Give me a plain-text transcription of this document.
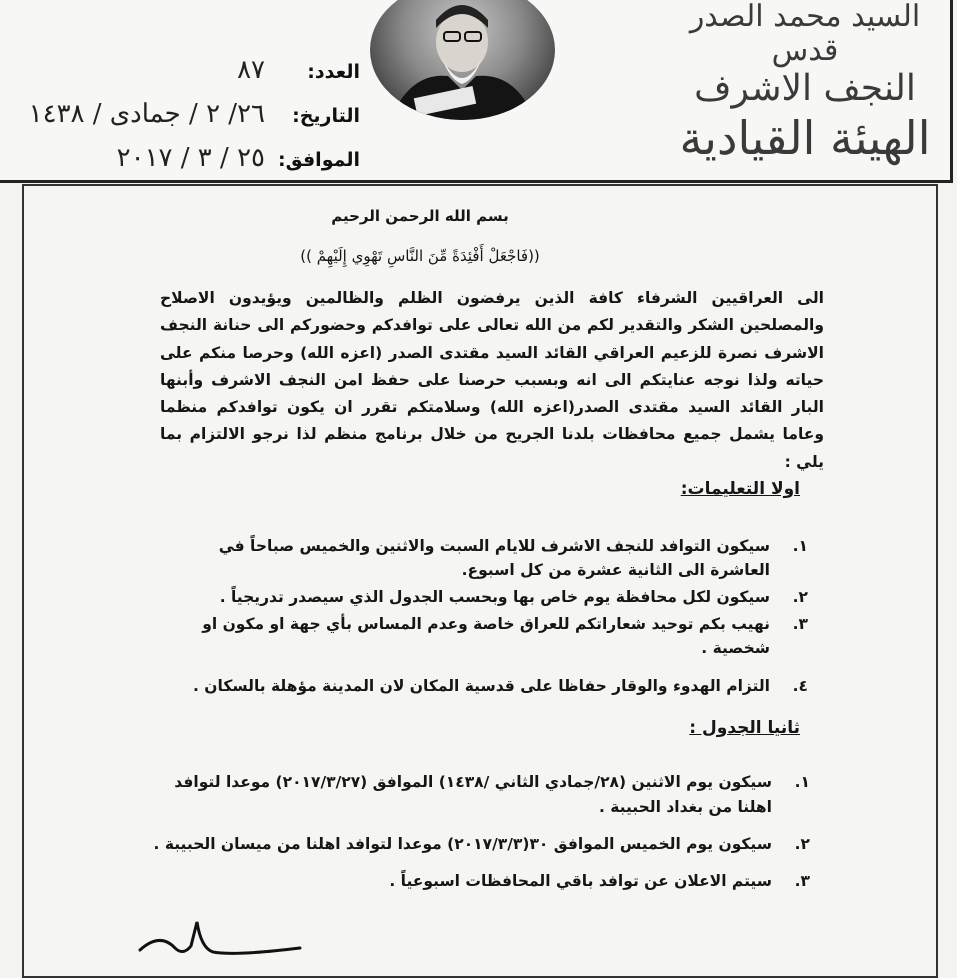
السيد محمد الصدر قدس
النجف الاشرف
الهيئة القيادية
العدد:
٨٧
التاريخ:
٢٦/ ٢ / جمادى / ١٤٣٨
الموافق:
٢٥ / ٣ / ٢٠١٧
بسم الله الرحمن الرحيم
((فَاجْعَلْ أَفْئِدَةً مِّنَ النَّاسِ تَهْوِي إِلَيْهِمْ ))
الى العراقيين الشرفاء كافة الذين يرفضون الظلم والظالمين ويؤيدون الاصلاح والمصلحين الشكر والتقدير لكم من الله تعالى على توافدكم وحضوركم الى حنانة النجف الاشرف نصرة للزعيم العراقي القائد السيد مقتدى الصدر (اعزه الله) وحرصا منكم على حياته ولذا نوجه عنايتكم الى انه وبسبب حرصنا على حفظ امن النجف الاشرف وأبنها البار القائد السيد مقتدى الصدر(اعزه الله) وسلامتكم تقرر ان يكون توافدكم منظما وعاما يشمل جميع محافظات بلدنا الجريح من خلال برنامج منظم لذا نرجو الالتزام بما يلي :
اولا التعليمات:
١.
سيكون التوافد للنجف الاشرف للايام السبت والاثنين والخميس صباحاً في العاشرة الى الثانية عشرة من كل اسبوع.
٢.
سيكون لكل محافظة يوم خاص بها وبحسب الجدول الذي سيصدر تدريجياً .
٣.
نهيب بكم توحيد شعاراتكم للعراق خاصة وعدم المساس بأي جهة او مكون او شخصية .
٤.
التزام الهدوء والوقار حفاظا على قدسية المكان لان المدينة مؤهلة بالسكان .
ثانيا الجدول :
١.
سيكون يوم الاثنين (٢٨/جمادي الثاني /١٤٣٨) الموافق (٢٠١٧/٣/٢٧) موعدا لتوافد اهلنا من بغداد الحبيبة .
٢.
سيكون يوم الخميس الموافق ٣٠(٢٠١٧/٣/٣) موعدا لتوافد اهلنا من ميسان الحبيبة .
٣.
سيتم الاعلان عن توافد باقي المحافظات اسبوعياً .
